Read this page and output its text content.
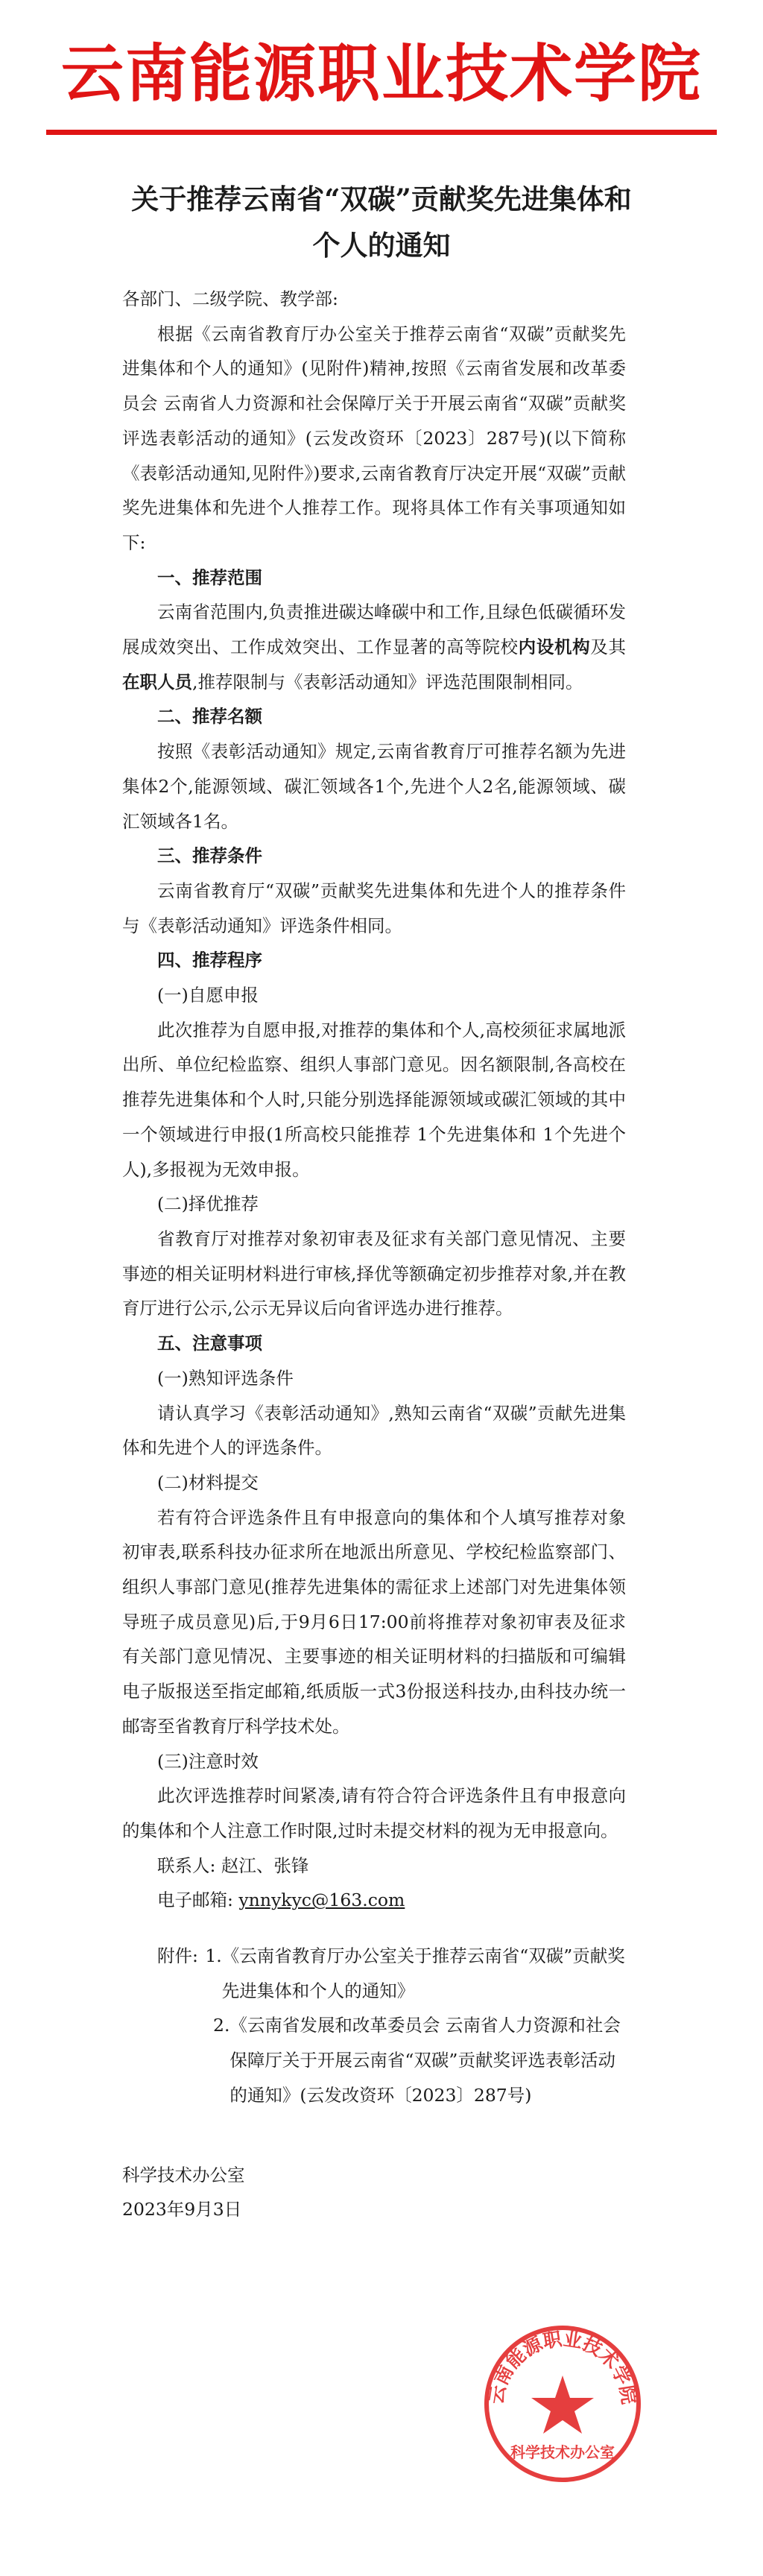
云南能源职业技术学院
关于推荐云南省“双碳”贡献奖先进集体和
个人的通知

各部门、二级学院、教学部:

根据《云南省教育厅办公室关于推荐云南省“双碳”贡献奖先进集体和个人的通知》(见附件)精神,按照《云南省发展和改革委员会 云南省人力资源和社会保障厅关于开展云南省“双碳”贡献奖评选表彰活动的通知》(云发改资环〔2023〕287号)(以下简称《表彰活动通知,见附件》)要求,云南省教育厅决定开展“双碳”贡献奖先进集体和先进个人推荐工作。现将具体工作有关事项通知如下:

一、推荐范围

云南省范围内,负责推进碳达峰碳中和工作,且绿色低碳循环发展成效突出、工作成效突出、工作显著的高等院校内设机构及其在职人员,推荐限制与《表彰活动通知》评选范围限制相同。

二、推荐名额

按照《表彰活动通知》规定,云南省教育厅可推荐名额为先进集体2个,能源领域、碳汇领域各1个,先进个人2名,能源领域、碳汇领域各1名。

三、推荐条件

云南省教育厅“双碳”贡献奖先进集体和先进个人的推荐条件与《表彰活动通知》评选条件相同。

四、推荐程序

(一)自愿申报

此次推荐为自愿申报,对推荐的集体和个人,高校须征求属地派出所、单位纪检监察、组织人事部门意见。因名额限制,各高校在推荐先进集体和个人时,只能分别选择能源领域或碳汇领域的其中一个领域进行申报(1所高校只能推荐 1个先进集体和 1个先进个人),多报视为无效申报。

(二)择优推荐

省教育厅对推荐对象初审表及征求有关部门意见情况、主要事迹的相关证明材料进行审核,择优等额确定初步推荐对象,并在教育厅进行公示,公示无异议后向省评选办进行推荐。

五、注意事项

(一)熟知评选条件

请认真学习《表彰活动通知》,熟知云南省“双碳”贡献先进集体和先进个人的评选条件。

(二)材料提交

若有符合评选条件且有申报意向的集体和个人填写推荐对象初审表,联系科技办征求所在地派出所意见、学校纪检监察部门、组织人事部门意见(推荐先进集体的需征求上述部门对先进集体领导班子成员意见)后,于9月6日17:00前将推荐对象初审表及征求有关部门意见情况、主要事迹的相关证明材料的扫描版和可编辑电子版报送至指定邮箱,纸质版一式3份报送科技办,由科技办统一邮寄至省教育厅科学技术处。

(三)注意时效

此次评选推荐时间紧凑,请有符合符合评选条件且有申报意向的集体和个人注意工作时限,过时未提交材料的视为无申报意向。

联系人: 赵江、张锋

电子邮箱: ynnykyc@163.com

附件: 1. 《云南省教育厅办公室关于推荐云南省“双碳”贡献奖先进集体和个人的通知》
2. 《云南省发展和改革委员会 云南省人力资源和社会保障厅关于开展云南省“双碳”贡献奖评选表彰活动的通知》(云发改资环〔2023〕287号)

科学技术办公室

2023年9月3日

云南能源职业技术学院
科学技术办公室
